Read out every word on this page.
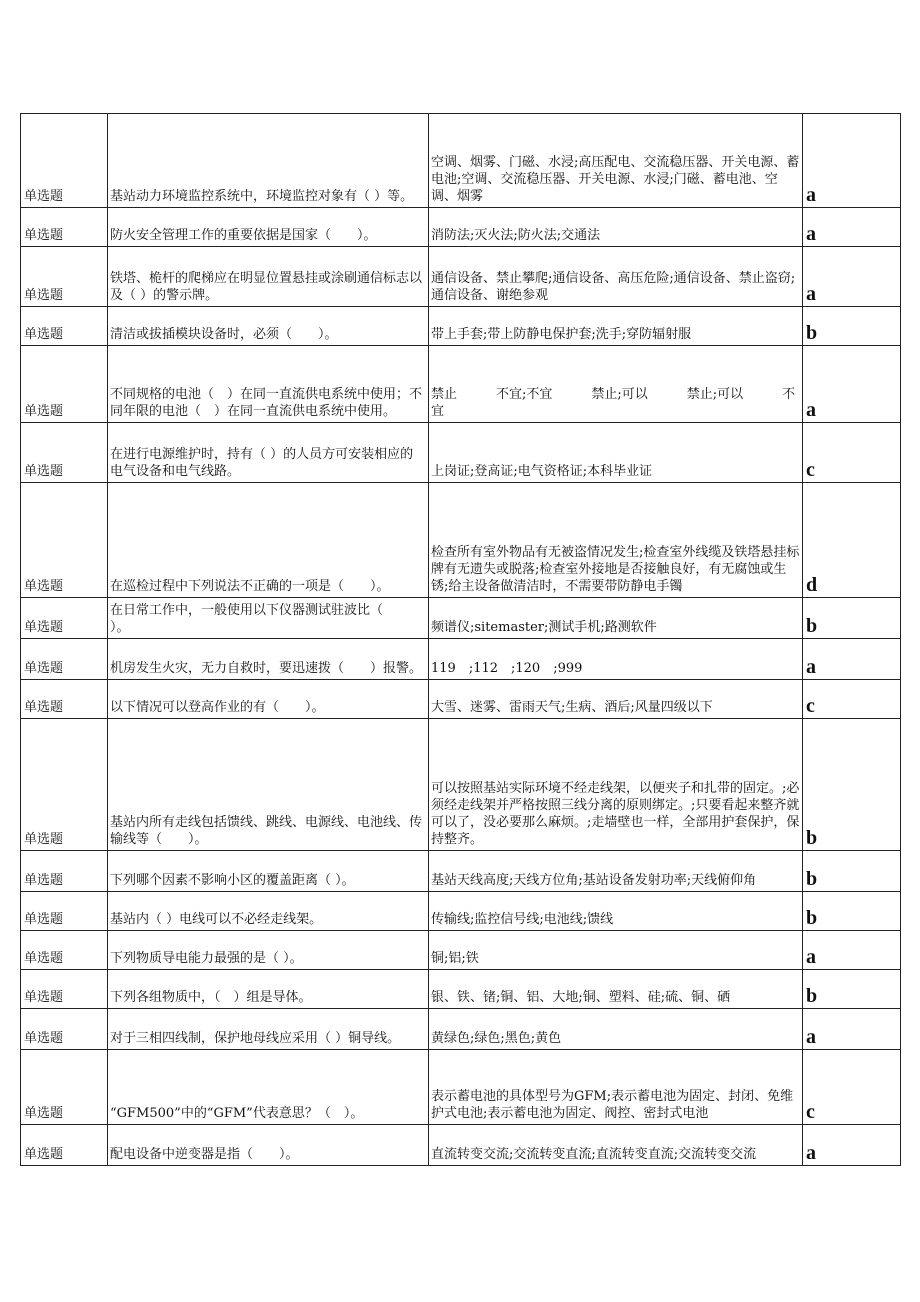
单选题	基站动力环境监控系统中，环境监控对象有（ ）等。	空调、烟雾、门磁、水浸;高压配电、交流稳压器、开关电源、蓄电池;空调、交流稳压器、开关电源、水浸;门磁、蓄电池、空调、烟雾	a
单选题	防火安全管理工作的重要依据是国家（　　）。	消防法;灭火法;防火法;交通法	a
单选题	铁塔、桅杆的爬梯应在明显位置悬挂或涂刷通信标志以及（ ）的警示牌。	通信设备、禁止攀爬;通信设备、高压危险;通信设备、禁止盗窃;通信设备、谢绝参观	a
单选题	清洁或拔插模块设备时，必须（　　）。	带上手套;带上防静电保护套;洗手;穿防辐射服	b
单选题	不同规格的电池（　）在同一直流供电系统中使用；不同年限的电池（　）在同一直流供电系统中使用。	禁止　　　不宜;不宜　　　禁止;可以　　　禁止;可以　　　不宜	a
单选题	在进行电源维护时，持有（ ）的人员方可安装相应的电气设备和电气线路。	上岗证;登高证;电气资格证;本科毕业证	c
单选题	在巡检过程中下列说法不正确的一项是（　　）。	检查所有室外物品有无被盗情况发生;检查室外线缆及铁塔悬挂标牌有无遗失或脱落;检查室外接地是否接触良好，有无腐蚀或生锈;给主设备做清洁时，不需要带防静电手镯	d
单选题	在日常工作中，一般使用以下仪器测试驻波比（　　）。	频谱仪;sitemaster;测试手机;路测软件	b
单选题	机房发生火灾，无力自救时，要迅速拨（　　）报警。	119　;112　;120　;999	a
单选题	以下情况可以登高作业的有（　　）。	大雪、迷雾、雷雨天气;生病、酒后;风量四级以下	c
单选题	基站内所有走线包括馈线、跳线、电源线、电池线、传输线等（　　）。	可以按照基站实际环境不经走线架，以便夹子和扎带的固定。;必须经走线架并严格按照三线分离的原则绑定。;只要看起来整齐就可以了，没必要那么麻烦。;走墙壁也一样，全部用护套保护，保持整齐。	b
单选题	下列哪个因素不影响小区的覆盖距离（ ）。	基站天线高度;天线方位角;基站设备发射功率;天线俯仰角	b
单选题	基站内（ ）电线可以不必经走线架。	传输线;监控信号线;电池线;馈线	b
单选题	下列物质导电能力最强的是（ ）。	铜;铝;铁	a
单选题	下列各组物质中，（　）组是导体。	银、铁、锗;铜、铝、大地;铜、塑料、硅;硫、铜、硒	b
单选题	对于三相四线制，保护地母线应采用（ ）铜导线。	黄绿色;绿色;黑色;黄色	a
单选题	“GFM500”中的“GFM”代表意思？（　）。	表示蓄电池的具体型号为GFM;表示蓄电池为固定、封闭、免维护式电池;表示蓄电池为固定、阀控、密封式电池	c
单选题	配电设备中逆变器是指（　　）。	直流转变交流;交流转变直流;直流转变直流;交流转变交流	a
